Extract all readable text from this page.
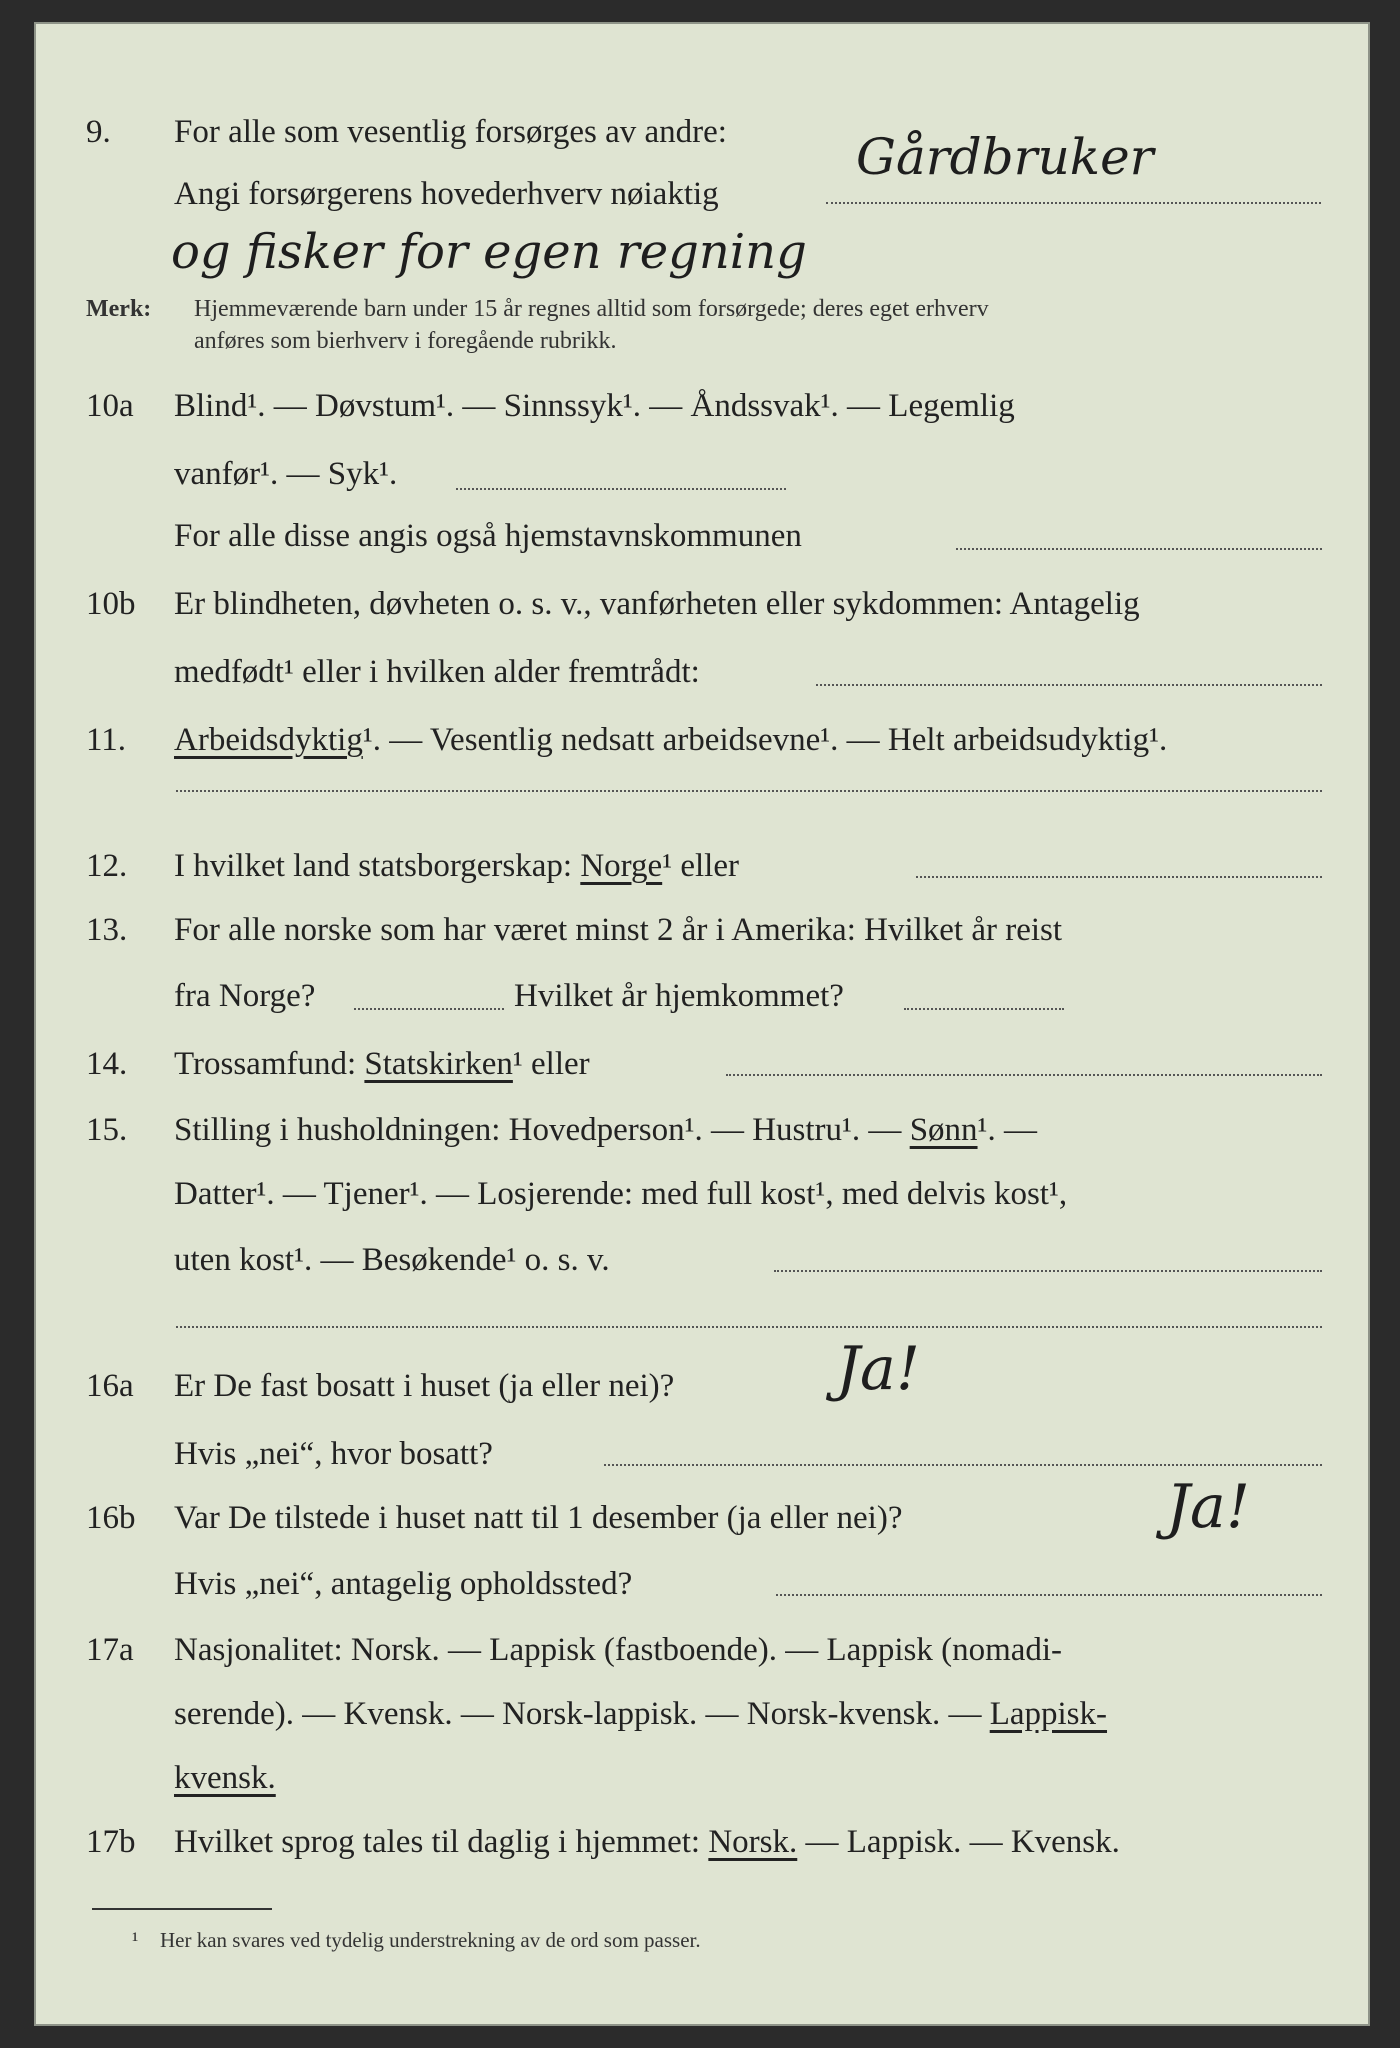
9. For alle som vesentlig forsørges av andre:	Gårdbruker
Angi forsørgerens hovederhverv nøiaktig
og fisker for egen regning
Merk: Hjemmeværende barn under 15 år regnes alltid som forsørgede; deres eget erhverv
anføres som bierhverv i foregående rubrikk.
10a Blind¹. — Døvstum¹. — Sinnssyk¹. — Åndssvak¹. — Legemlig
vanfør¹. — Syk¹.
For alle disse angis også hjemstavnskommunen
10b Er blindheten, døvheten o. s. v., vanførheten eller sykdommen: Antagelig
medfødt¹ eller i hvilken alder fremtrådt:
11. Arbeidsdyktig¹. — Vesentlig nedsatt arbeidsevne¹. — Helt arbeidsudyktig¹.
12. I hvilket land statsborgerskap: Norge¹ eller
13. For alle norske som har været minst 2 år i Amerika: Hvilket år reist
fra Norge?	Hvilket år hjemkommet?
14. Trossamfund: Statskirken¹ eller
15. Stilling i husholdningen: Hovedperson¹. — Hustru¹. — Sønn¹. —
Datter¹. — Tjener¹. — Losjerende: med full kost¹, med delvis kost¹,
uten kost¹. — Besøkende¹ o. s. v.
16a Er De fast bosatt i huset (ja eller nei)?	Ja!
Hvis „nei“, hvor bosatt?
16b Var De tilstede i huset natt til 1 desember (ja eller nei)?	Ja!
Hvis „nei“, antagelig opholdssted?
17a Nasjonalitet: Norsk. — Lappisk (fastboende). — Lappisk (nomadi-
serende). — Kvensk. — Norsk-lappisk. — Norsk-kvensk. — Lappisk-
kvensk.
17b Hvilket sprog tales til daglig i hjemmet: Norsk. — Lappisk. — Kvensk.
¹ Her kan svares ved tydelig understrekning av de ord som passer.
